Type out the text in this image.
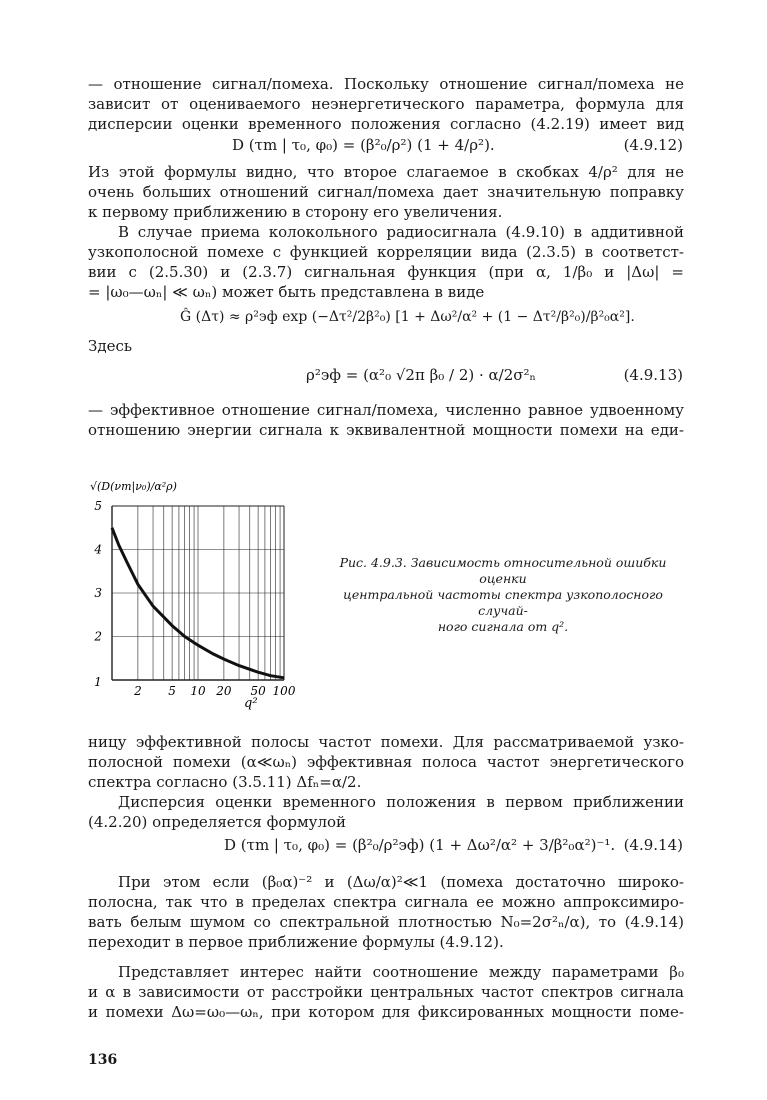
— отношение сигнал/помеха. Поскольку отношение сигнал/помеха не
зависит от оцениваемого неэнергетического параметра, формула для
дисперсии оценки временного положения согласно (4.2.19) имеет вид
D (τm | τ₀, φ₀) = (β²₀/ρ²) (1 + 4/ρ²).	(4.9.12)
Из этой формулы видно, что второе слагаемое в скобках 4/ρ² для не
очень больших отношений сигнал/помеха дает значительную поправку
к первому приближению в сторону его увеличения.
В случае приема колокольного радиосигнала (4.9.10) в аддитивной
узкополосной помехе с функцией корреляции вида (2.3.5) в соответст-
вии с (2.5.30) и (2.3.7) сигнальная функция (при α, 1/β₀ и |Δω| =
= |ω₀—ωₙ| ≪ ωₙ) может быть представлена в виде
Ĝ (Δτ) ≈ ρ²эф exp (−Δτ²/2β²₀) [1 + Δω²/α² + (1 − Δτ²/β²₀)/β²₀α²].
Здесь
ρ²эф = (α²₀ √2π β₀ / 2) · α/2σ²ₙ	(4.9.13)
— эффективное отношение сигнал/помеха, численно равное удвоенному
отношению энергии сигнала к эквивалентной мощности помехи на еди-
2 5 10 20 50 100
1
2
3
4
5
√(D(νm|ν₀)/α²ρ)
q²
Рис. 4.9.3. Зависимость относительной ошибки оценки
центральной частоты спектра узкополосного случай-
ного сигнала от q².
ницу эффективной полосы частот помехи. Для рассматриваемой узко-
полосной помехи (α≪ωₙ) эффективная полоса частот энергетического
спектра согласно (3.5.11) Δfₙ=α/2.
Дисперсия оценки временного положения в первом приближении
(4.2.20) определяется формулой
D (τm | τ₀, φ₀) = (β²₀/ρ²эф) (1 + Δω²/α² + 3/β²₀α²)⁻¹. (4.9.14)
При этом если (β₀α)⁻² и (Δω/α)²≪1 (помеха достаточно широко-
полосна, так что в пределах спектра сигнала ее можно аппроксимиро-
вать белым шумом со спектральной плотностью N₀=2σ²ₙ/α), то (4.9.14)
переходит в первое приближение формулы (4.9.12).
Представляет интерес найти соотношение между параметрами β₀
и α в зависимости от расстройки центральных частот спектров сигнала
и помехи Δω=ω₀—ωₙ, при котором для фиксированных мощности поме-
136
